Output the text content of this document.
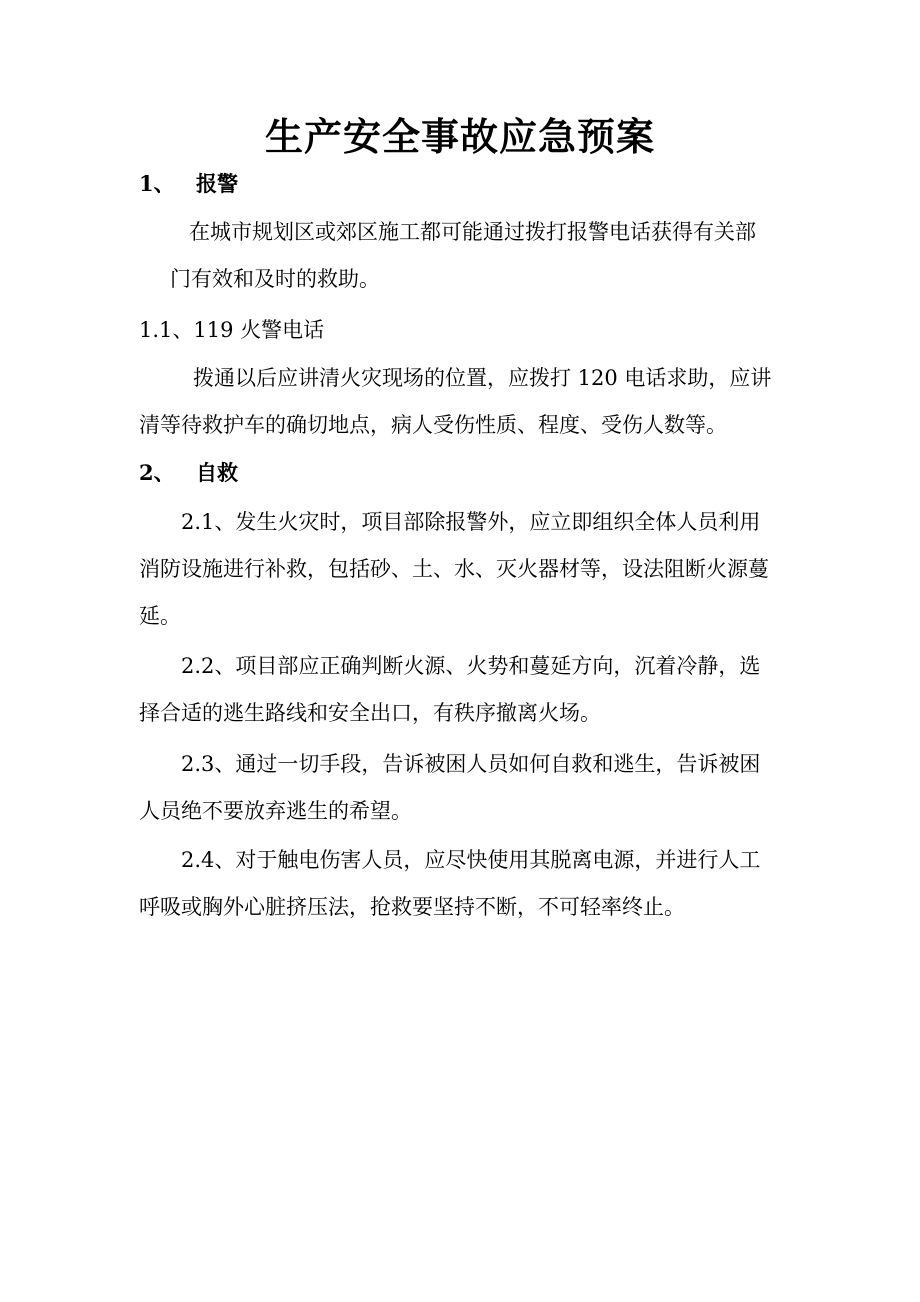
生产安全事故应急预案
1、 报警
在城市规划区或郊区施工都可能通过拨打报警电话获得有关部
门有效和及时的救助。
1.1、119 火警电话
拨通以后应讲清火灾现场的位置，应拨打 120 电话求助，应讲
清等待救护车的确切地点，病人受伤性质、程度、受伤人数等。
2、 自救
2.1、发生火灾时，项目部除报警外，应立即组织全体人员利用
消防设施进行补救，包括砂、土、水、灭火器材等，设法阻断火源蔓
延。
2.2、项目部应正确判断火源、火势和蔓延方向，沉着冷静，选
择合适的逃生路线和安全出口，有秩序撤离火场。
2.3、通过一切手段，告诉被困人员如何自救和逃生，告诉被困
人员绝不要放弃逃生的希望。
2.4、对于触电伤害人员，应尽快使用其脱离电源，并进行人工
呼吸或胸外心脏挤压法，抢救要坚持不断，不可轻率终止。
